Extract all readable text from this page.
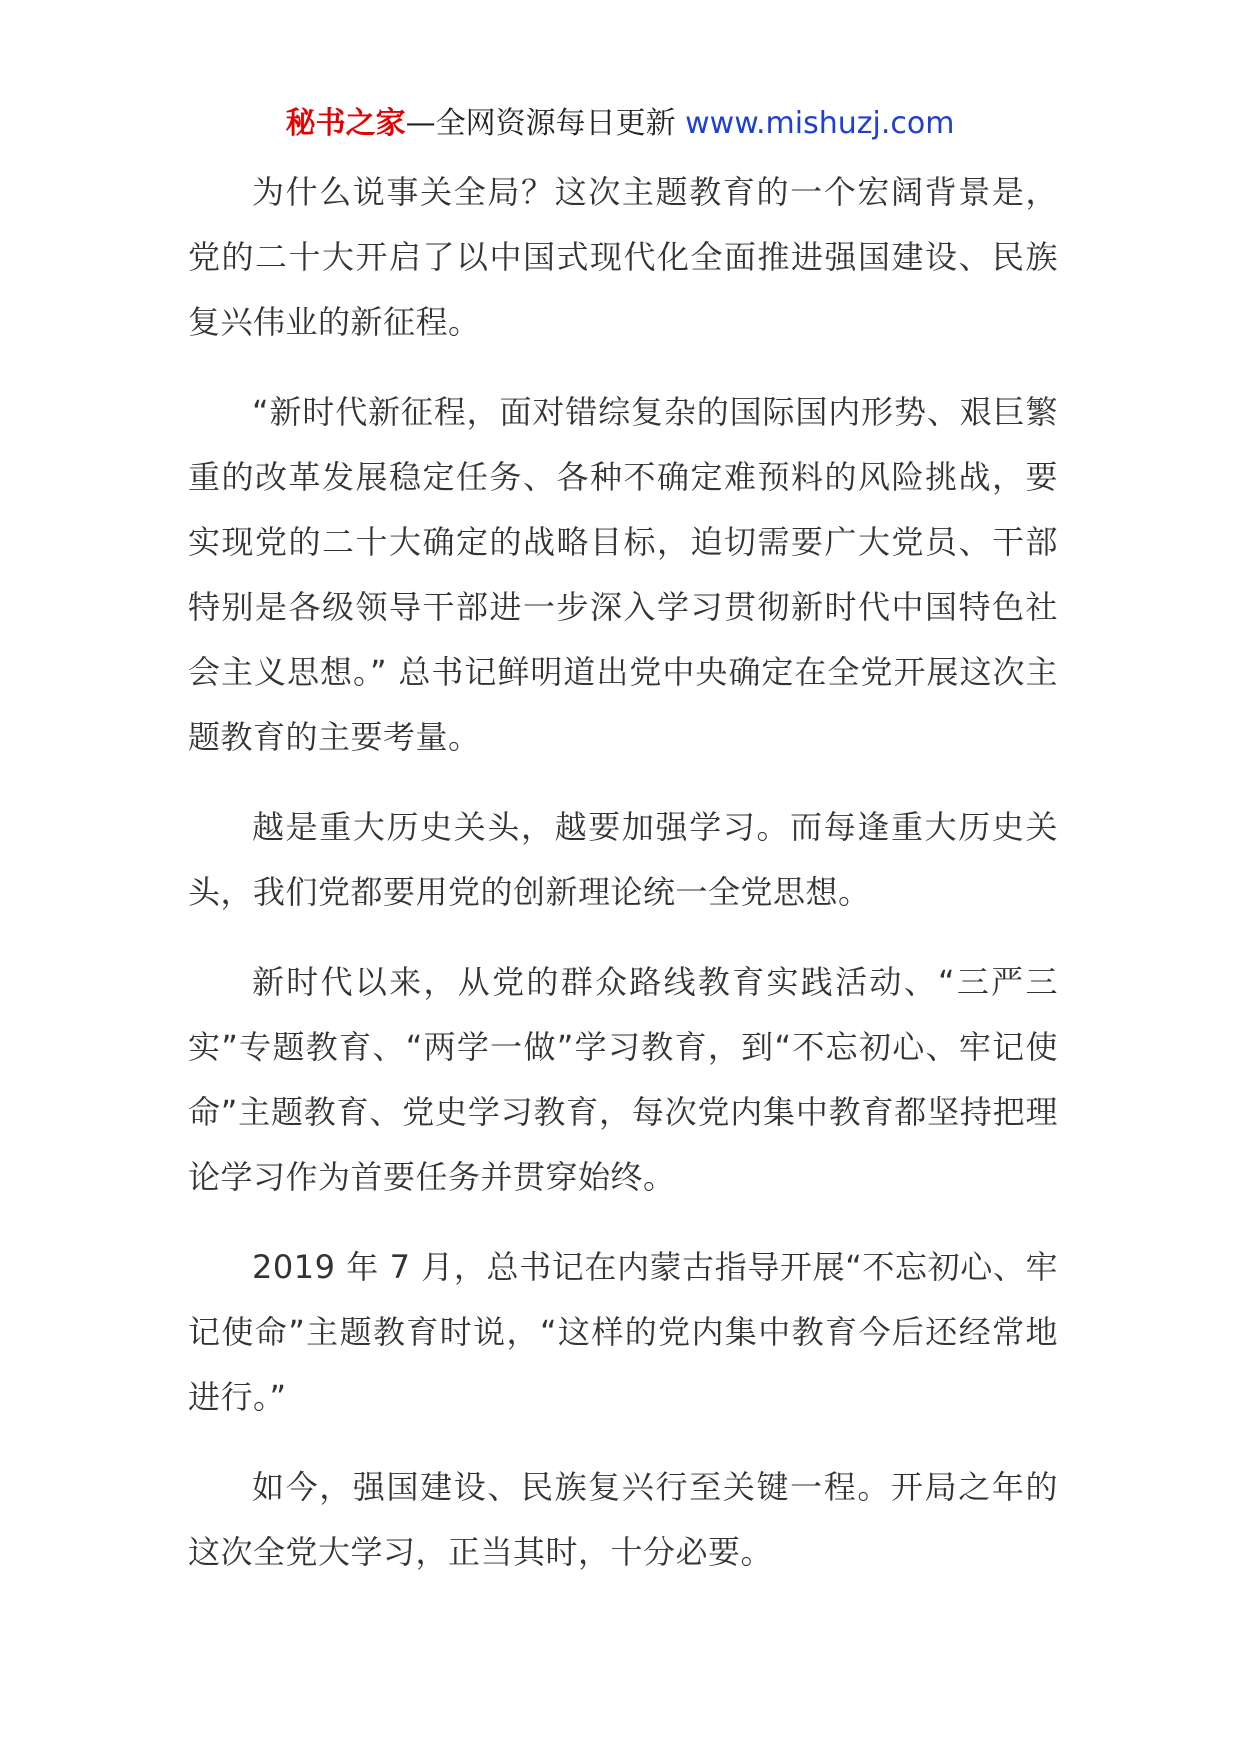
秘书之家—全网资源每日更新 www.mishuzj.com

为什么说事关全局？这次主题教育的一个宏阔背景是，党的二十大开启了以中国式现代化全面推进强国建设、民族复兴伟业的新征程。

“新时代新征程，面对错综复杂的国际国内形势、艰巨繁重的改革发展稳定任务、各种不确定难预料的风险挑战，要实现党的二十大确定的战略目标，迫切需要广大党员、干部特别是各级领导干部进一步深入学习贯彻新时代中国特色社会主义思想。” 总书记鲜明道出党中央确定在全党开展这次主题教育的主要考量。

越是重大历史关头，越要加强学习。而每逢重大历史关头，我们党都要用党的创新理论统一全党思想。

新时代以来，从党的群众路线教育实践活动、“三严三实”专题教育、“两学一做”学习教育，到“不忘初心、牢记使命”主题教育、党史学习教育，每次党内集中教育都坚持把理论学习作为首要任务并贯穿始终。

2019 年 7 月，总书记在内蒙古指导开展“不忘初心、牢记使命”主题教育时说，“这样的党内集中教育今后还经常地进行。”

如今，强国建设、民族复兴行至关键一程。开局之年的这次全党大学习，正当其时，十分必要。
